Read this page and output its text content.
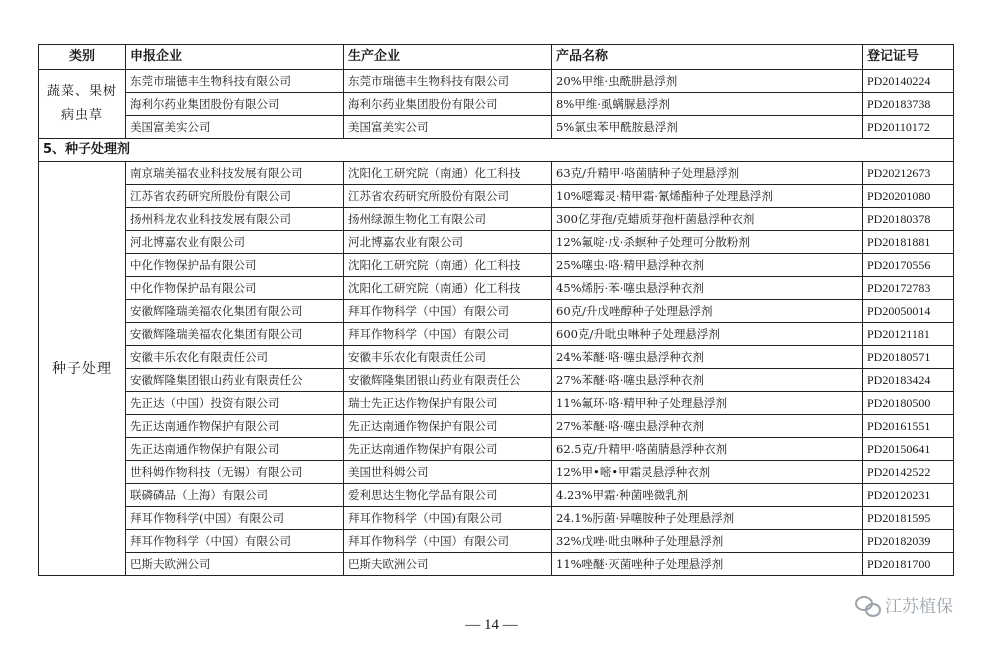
类别	申报企业	生产企业	产品名称	登记证号
蔬菜、果树病虫草	东莞市瑞德丰生物科技有限公司	东莞市瑞德丰生物科技有限公司	20%甲维·虫酰肼悬浮剂	PD20140224
	海利尔药业集团股份有限公司	海利尔药业集团股份有限公司	8%甲维·虱螨脲悬浮剂	PD20183738
	美国富美实公司	美国富美实公司	5%氯虫苯甲酰胺悬浮剂	PD20110172
5、种子处理剂				
种子处理	南京瑞美福农业科技发展有限公司	沈阳化工研究院（南通）化工科技	63克/升精甲·咯菌腈种子处理悬浮剂	PD20212673
	江苏省农药研究所股份有限公司	江苏省农药研究所股份有限公司	10%噁霉灵·精甲霜·氰烯酯种子处理悬浮剂	PD20201080
	扬州科龙农业科技发展有限公司	扬州绿源生物化工有限公司	300亿芽孢/克蜡质芽孢杆菌悬浮种衣剂	PD20180378
	河北博嘉农业有限公司	河北博嘉农业有限公司	12%氟啶·戊·杀螟种子处理可分散粉剂	PD20181881
	中化作物保护品有限公司	沈阳化工研究院（南通）化工科技	25%噻虫·咯·精甲悬浮种衣剂	PD20170556
	中化作物保护品有限公司	沈阳化工研究院（南通）化工科技	45%烯肟·苯·噻虫悬浮种衣剂	PD20172783
	安徽辉隆瑞美福农化集团有限公司	拜耳作物科学（中国）有限公司	60克/升戊唑醇种子处理悬浮剂	PD20050014
	安徽辉隆瑞美福农化集团有限公司	拜耳作物科学（中国）有限公司	600克/升吡虫啉种子处理悬浮剂	PD20121181
	安徽丰乐农化有限责任公司	安徽丰乐农化有限责任公司	24%苯醚·咯·噻虫悬浮种衣剂	PD20180571
	安徽辉隆集团银山药业有限责任公	安徽辉隆集团银山药业有限责任公	27%苯醚·咯·噻虫悬浮种衣剂	PD20183424
	先正达（中国）投资有限公司	瑞士先正达作物保护有限公司	11%氟环·咯·精甲种子处理悬浮剂	PD20180500
	先正达南通作物保护有限公司	先正达南通作物保护有限公司	27%苯醚·咯·噻虫悬浮种衣剂	PD20161551
	先正达南通作物保护有限公司	先正达南通作物保护有限公司	62.5克/升精甲·咯菌腈悬浮种衣剂	PD20150641
	世科姆作物科技（无锡）有限公司	美国世科姆公司	12%甲•嘧•甲霜灵悬浮种衣剂	PD20142522
	联磷磷品（上海）有限公司	爱利思达生物化学品有限公司	4.23%甲霜·种菌唑微乳剂	PD20120231
	拜耳作物科学(中国）有限公司	拜耳作物科学（中国)有限公司	24.1%肟菌·异噻胺种子处理悬浮剂	PD20181595
	拜耳作物科学（中国）有限公司	拜耳作物科学（中国）有限公司	32%戊唑·吡虫啉种子处理悬浮剂	PD20182039
	巴斯夫欧洲公司	巴斯夫欧洲公司	11%唑醚·灭菌唑种子处理悬浮剂	PD20181700
— 14 —
江苏植保
